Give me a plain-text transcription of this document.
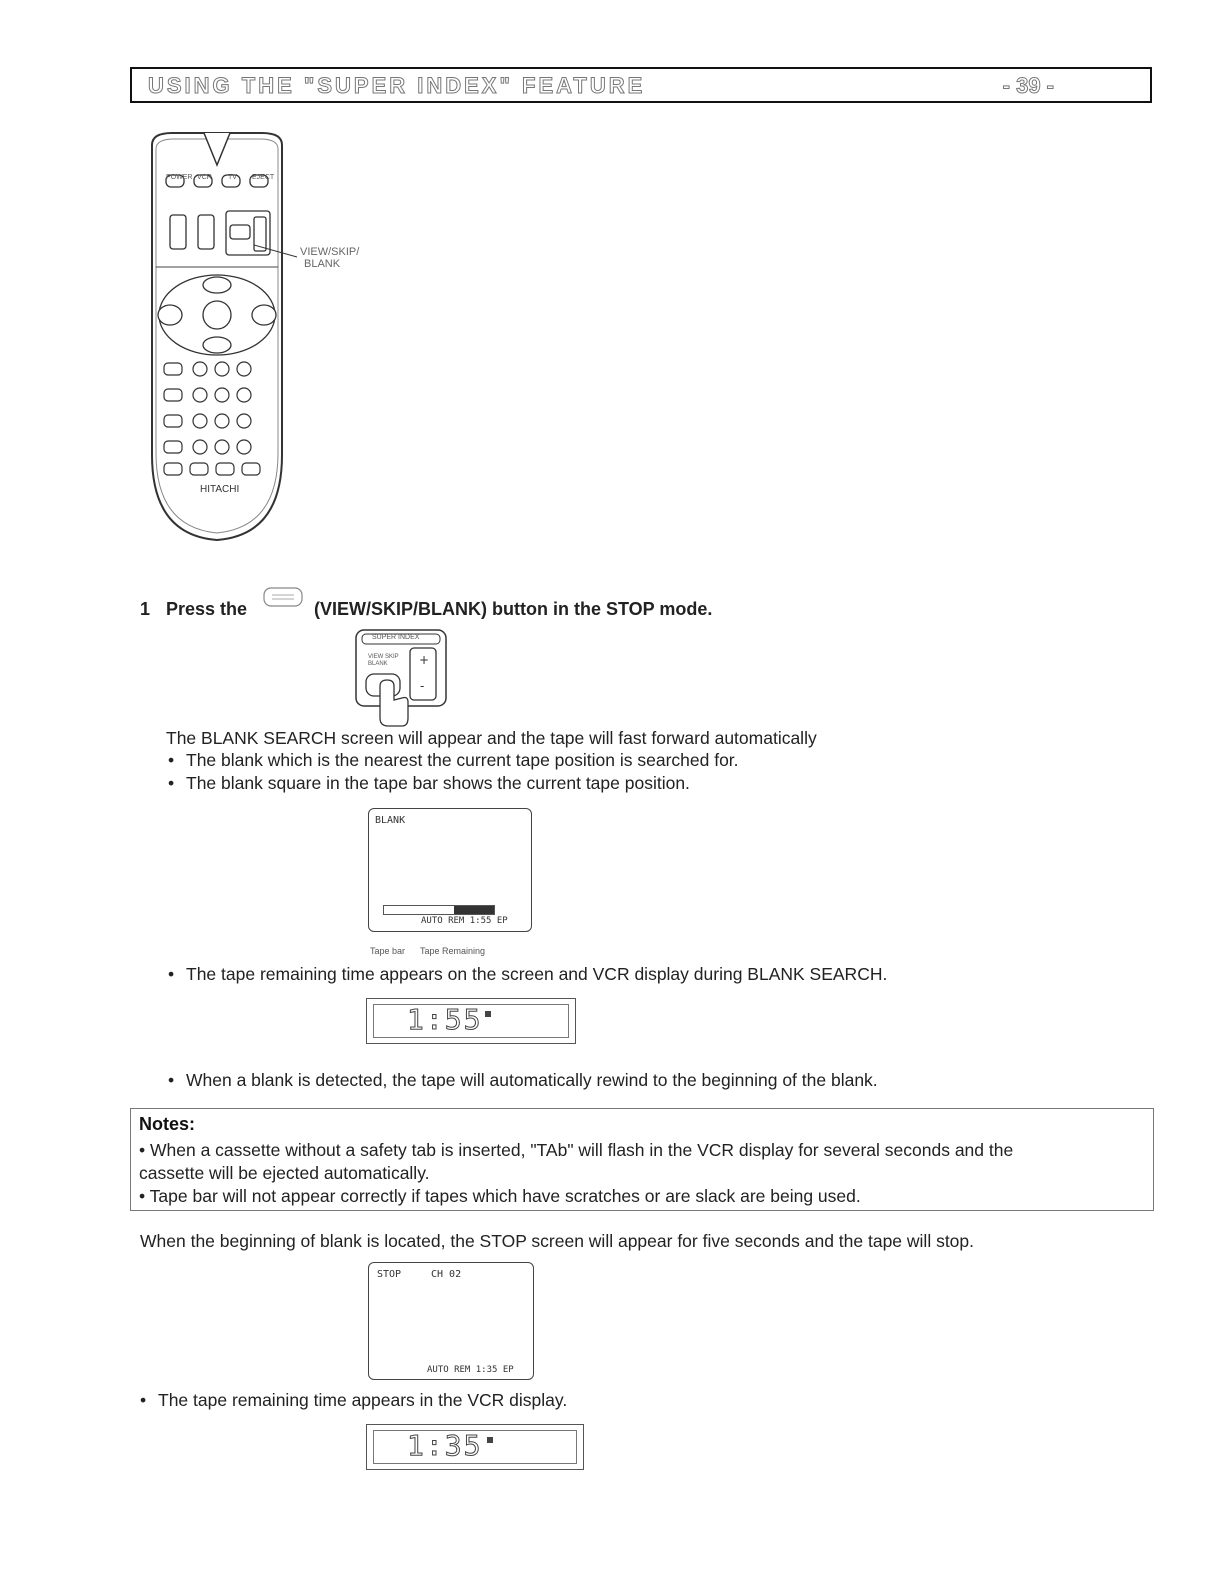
USING THE "SUPER INDEX" FEATURE	- 39 -
POWER VCR TV EJECT
HITACHI
VIEW/SKIP/
BLANK
1 Press the	(VIEW/SKIP/BLANK) button in the STOP mode.
+
-
SUPER INDEX
VIEW SKIP BLANK
The BLANK SEARCH screen will appear and the tape will fast forward automatically
• The blank which is the nearest the current tape position is searched for.
• The blank square in the tape bar shows the current tape position.
BLANK
AUTO REM 1:55 EP
Tape bar Tape Remaining
• The tape remaining time appears on the screen and VCR display during BLANK SEARCH.
1:55
• When a blank is detected, the tape will automatically rewind to the beginning of the blank.
Notes:
• When a cassette without a safety tab is inserted, "TAb" will flash in the VCR display for several seconds and the
cassette will be ejected automatically.
• Tape bar will not appear correctly if tapes which have scratches or are slack are being used.
When the beginning of blank is located, the STOP screen will appear for five seconds and the tape will stop.
STOP	CH 02
AUTO REM 1:35 EP
• The tape remaining time appears in the VCR display.
1:35
